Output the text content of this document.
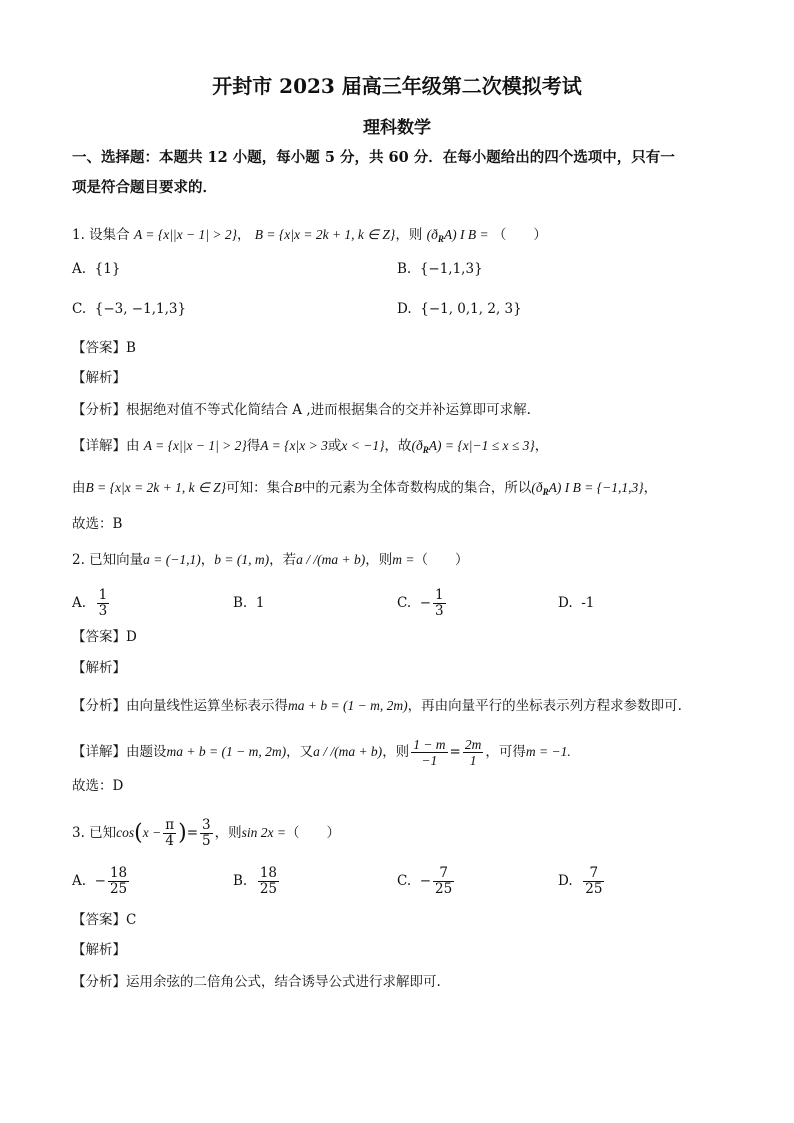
开封市 2023 届高三年级第二次模拟考试
理科数学
一、选择题：本题共 12 小题，每小题 5 分，共 60 分．在每小题给出的四个选项中，只有一
项是符合题目要求的．
1. 设集合 A = {x||x − 1| > 2}， B = {x|x = 2k + 1, k ∈ Z}，则 $(ð_RA)$ I B = （　　）
A. {1}	B. {−1,1,3}
C. {−3, −1,1,3}	D. {−1, 0,1, 2, 3}
【答案】B
【解析】
【分析】根据绝对值不等式化简结合 A ,进而根据集合的交并补运算即可求解.
【详解】由 A = {x||x − 1| > 2}得A = {x|x > 3或x < −1}，故$(ð_RA) = \{x|-1 \le x \le 3\}$，
由B = {x|x = 2k + 1, k ∈ Z}可知：集合B中的元素为全体奇数构成的集合，所以$(ð_RA)$ I B = {−1,1,3}，
故选：B
2. 已知向量a = (−1,1)，b = (1, m)，若a / /(ma + b)，则m =（　　）
A. $\frac{1}{3}$	B. 1	C. − $\frac{1}{3}$	D. -1
【答案】D
【解析】
【分析】由向量线性运算坐标表示得ma + b = (1 − m, 2m)，再由向量平行的坐标表示列方程求参数即可.
【详解】由题设ma + b = (1 − m, 2m)，又a / /(ma + b)，则 $\frac{1 - m}{-1} = \frac{2m}{1}$ ，可得m = −1.
故选：D
3. 已知$\cos(x - \frac{\pi}{4}$ )= $\frac{3}{5}$ ，则sin 2x =（　　）
A. − $\frac{18}{25}$	B. $\frac{18}{25}$	C. − $\frac{7}{25}$	D. $\frac{7}{25}$
【答案】C
【解析】
【分析】运用余弦的二倍角公式，结合诱导公式进行求解即可.
